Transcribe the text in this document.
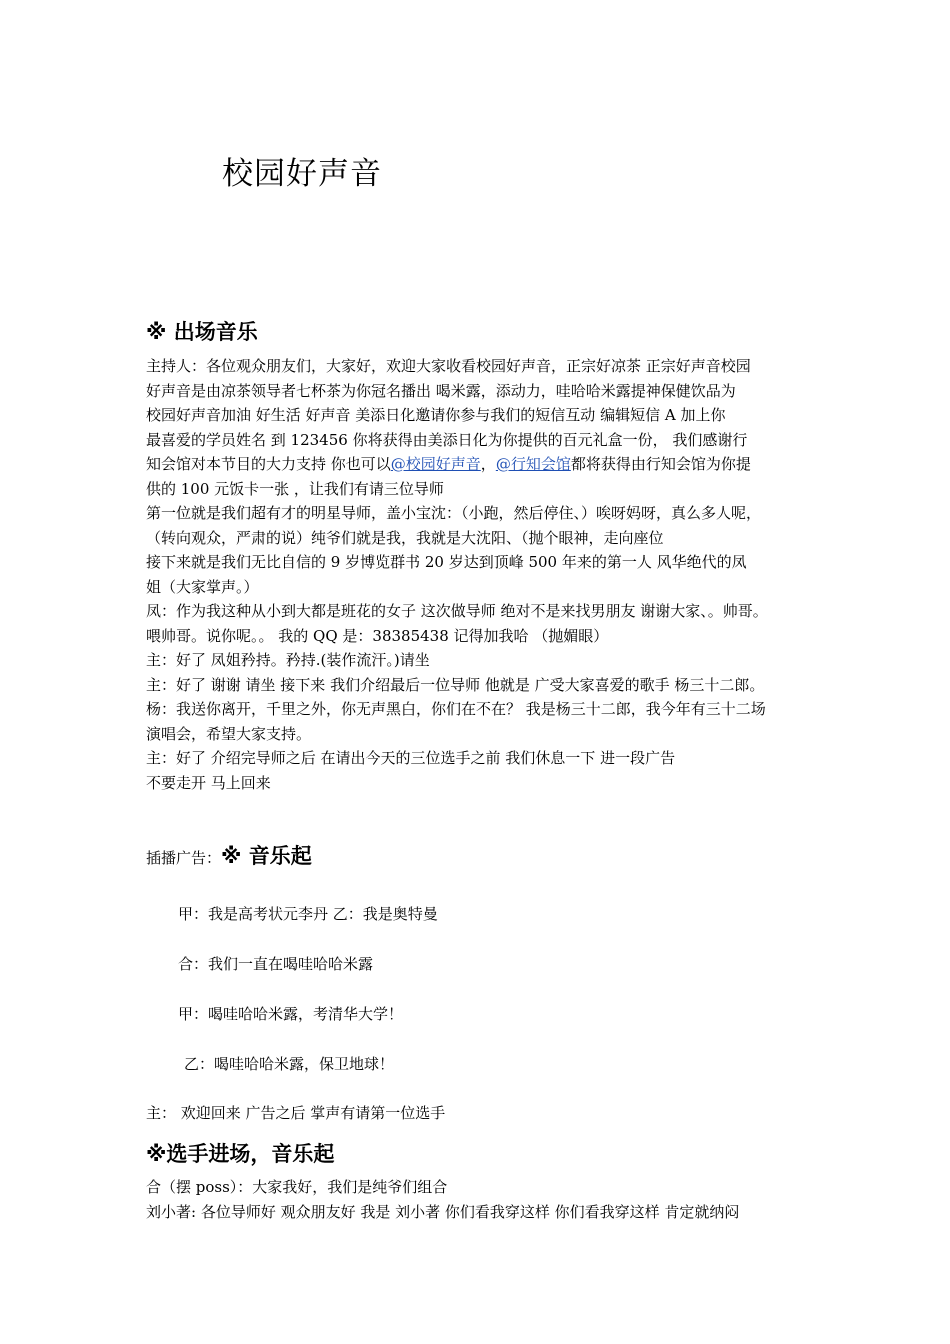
校园好声音
※ 出场音乐

主持人：各位观众朋友们，大家好，欢迎大家收看校园好声音，正宗好凉茶 正宗好声音校园

好声音是由凉茶领导者七杯茶为你冠名播出 喝米露，添动力，哇哈哈米露提神保健饮品为

校园好声音加油 好生活 好声音 美添日化邀请你参与我们的短信互动 编辑短信 A 加上你

最喜爱的学员姓名 到 123456 你将获得由美添日化为你提供的百元礼盒一份， 我们感谢行

知会馆对本节目的大力支持 你也可以@校园好声音，@行知会馆都将获得由行知会馆为你提

供的 100 元饭卡一张 ，让我们有请三位导师

第一位就是我们超有才的明星导师，盖小宝沈：（小跑，然后停住、）唉呀妈呀，真么多人呢，

（转向观众，严肃的说）纯爷们就是我，我就是大沈阳、（抛个眼神，走向座位

接下来就是我们无比自信的 9 岁博览群书 20 岁达到顶峰 500 年来的第一人 风华绝代的凤

姐（大家掌声。）

凤：作为我这种从小到大都是班花的女子 这次做导师 绝对不是来找男朋友 谢谢大家、。帅哥。

喂帅哥。说你呢。。 我的 QQ 是：38385438 记得加我哈 （抛媚眼）

主：好了 凤姐矜持。矜持.(装作流汗。)请坐

主：好了 谢谢 请坐 接下来 我们介绍最后一位导师 他就是 广受大家喜爱的歌手 杨三十二郎。

杨：我送你离开，千里之外，你无声黑白，你们在不在？ 我是杨三十二郎，我今年有三十二场

演唱会，希望大家支持。

主：好了 介绍完导师之后 在请出今天的三位选手之前 我们休息一下 进一段广告

不要走开 马上回来

插播广告：※ 音乐起
甲：我是高考状元李丹 乙：我是奥特曼
合：我们一直在喝哇哈哈米露
甲：喝哇哈哈米露，考清华大学！
乙：喝哇哈哈米露，保卫地球！
主： 欢迎回来 广告之后 掌声有请第一位选手
※选手进场，音乐起
合（摆 poss）：大家我好，我们是纯爷们组合
刘小著: 各位导师好 观众朋友好 我是 刘小著 你们看我穿这样 你们看我穿这样 肯定就纳闷
